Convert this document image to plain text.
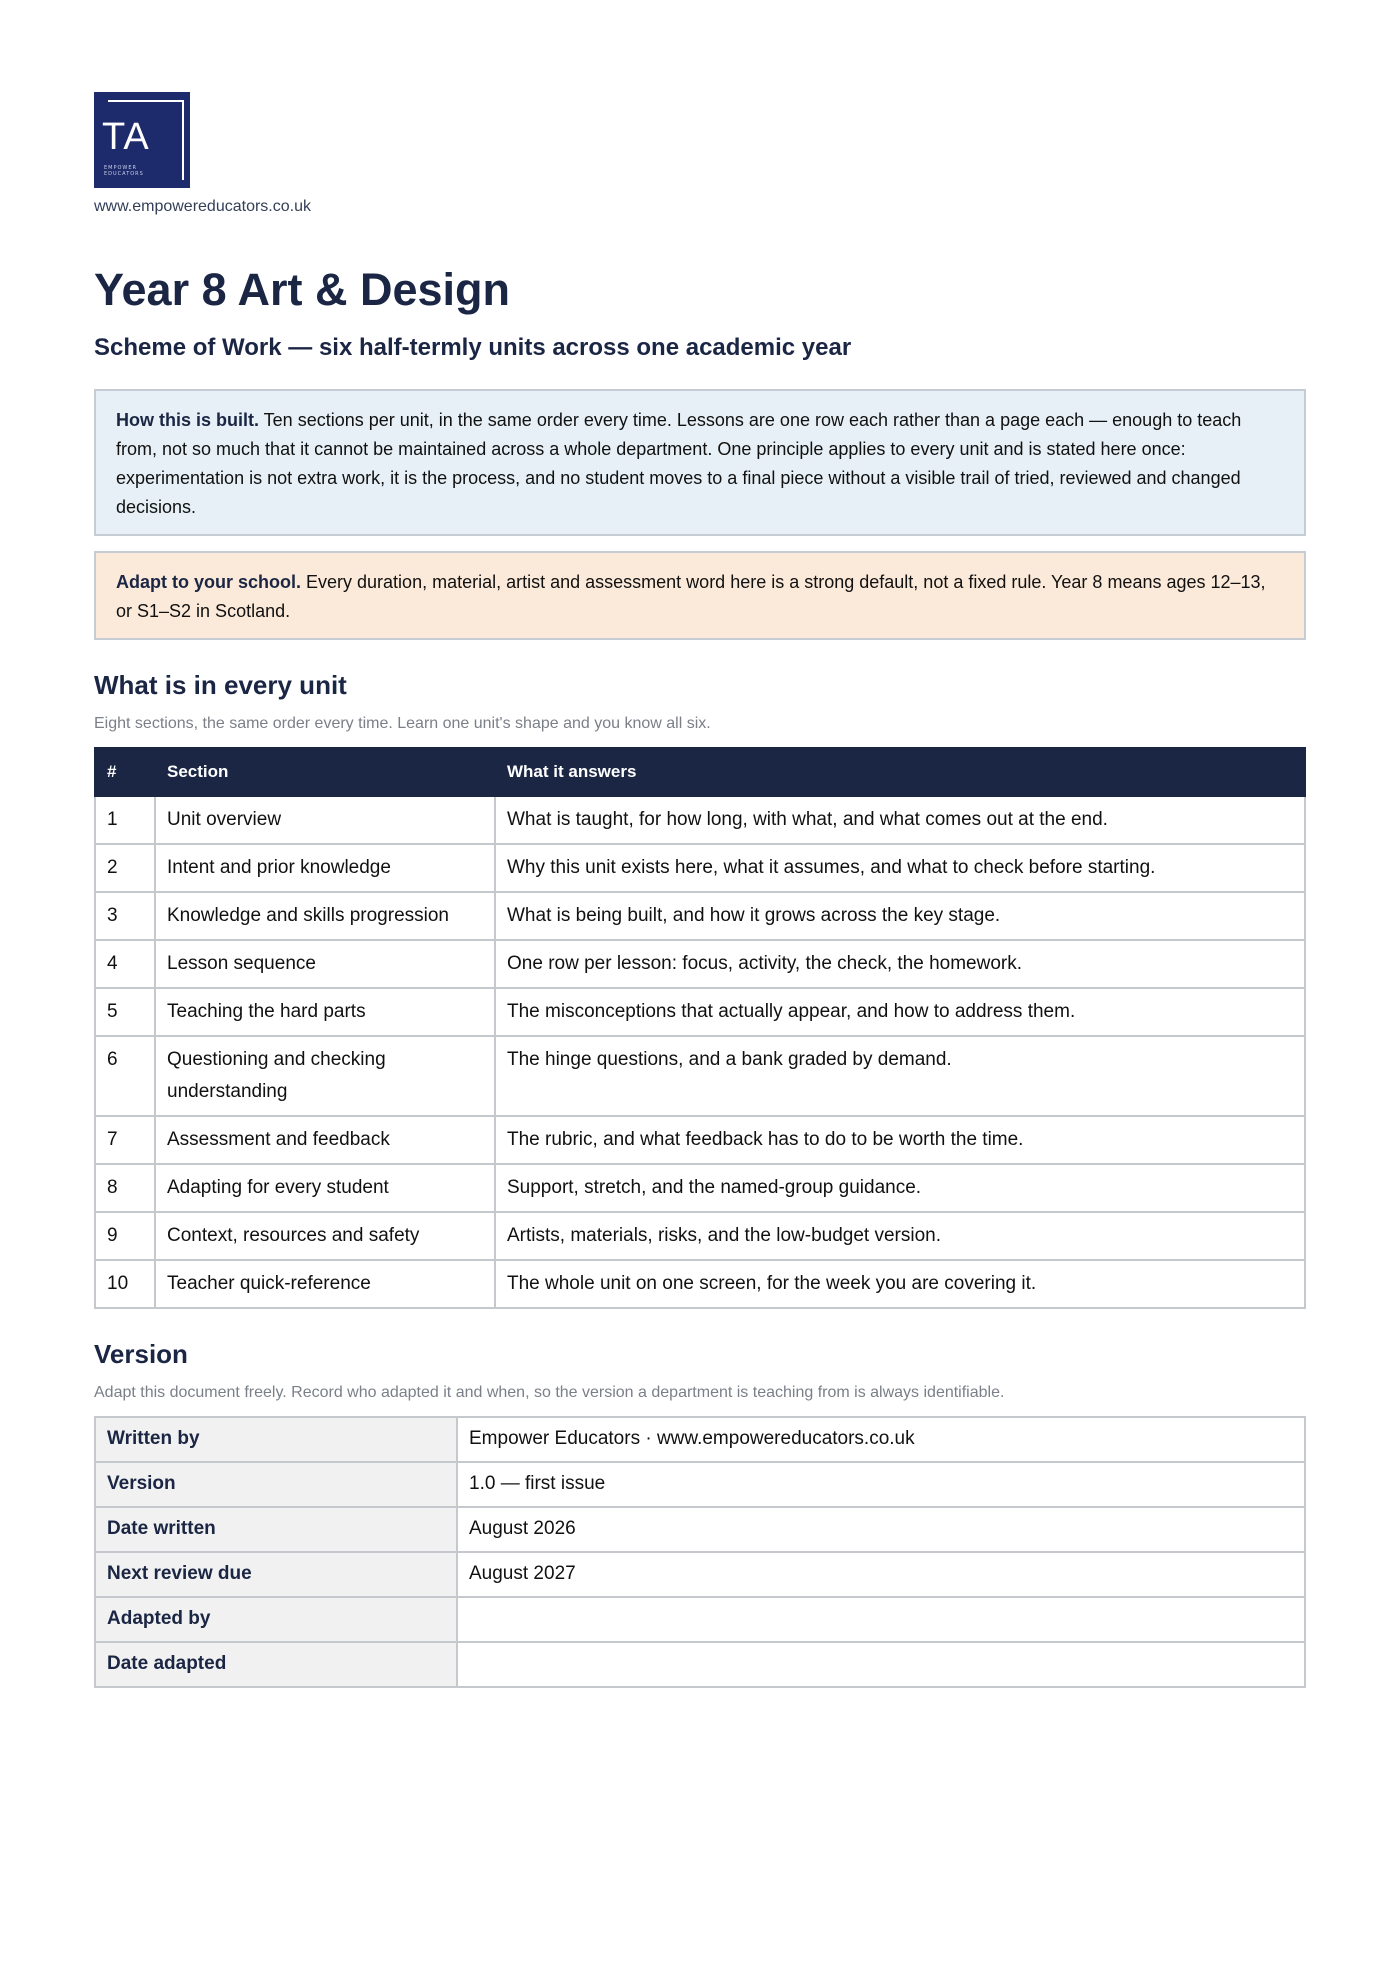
TA
EMPOWER EDUCATORS
www.empowereducators.co.uk
Year 8 Art & Design
Scheme of Work — six half-termly units across one academic year
How this is built. Ten sections per unit, in the same order every time. Lessons are one row each rather than a page each — enough to teach from, not so much that it cannot be maintained across a whole department. One principle applies to every unit and is stated here once: experimentation is not extra work, it is the process, and no student moves to a final piece without a visible trail of tried, reviewed and changed decisions.
Adapt to your school. Every duration, material, artist and assessment word here is a strong default, not a fixed rule. Year 8 means ages 12–13, or S1–S2 in Scotland.
What is in every unit
Eight sections, the same order every time. Learn one unit's shape and you know all six.
#	Section	What it answers
1	Unit overview	What is taught, for how long, with what, and what comes out at the end.
2	Intent and prior knowledge	Why this unit exists here, what it assumes, and what to check before starting.
3	Knowledge and skills progression	What is being built, and how it grows across the key stage.
4	Lesson sequence	One row per lesson: focus, activity, the check, the homework.
5	Teaching the hard parts	The misconceptions that actually appear, and how to address them.
6	Questioning and checking understanding	The hinge questions, and a bank graded by demand.
7	Assessment and feedback	The rubric, and what feedback has to do to be worth the time.
8	Adapting for every student	Support, stretch, and the named-group guidance.
9	Context, resources and safety	Artists, materials, risks, and the low-budget version.
10	Teacher quick-reference	The whole unit on one screen, for the week you are covering it.
Version
Adapt this document freely. Record who adapted it and when, so the version a department is teaching from is always identifiable.
Written by	Empower Educators · www.empowereducators.co.uk
Version	1.0 — first issue
Date written	August 2026
Next review due	August 2027
Adapted by	
Date adapted	
